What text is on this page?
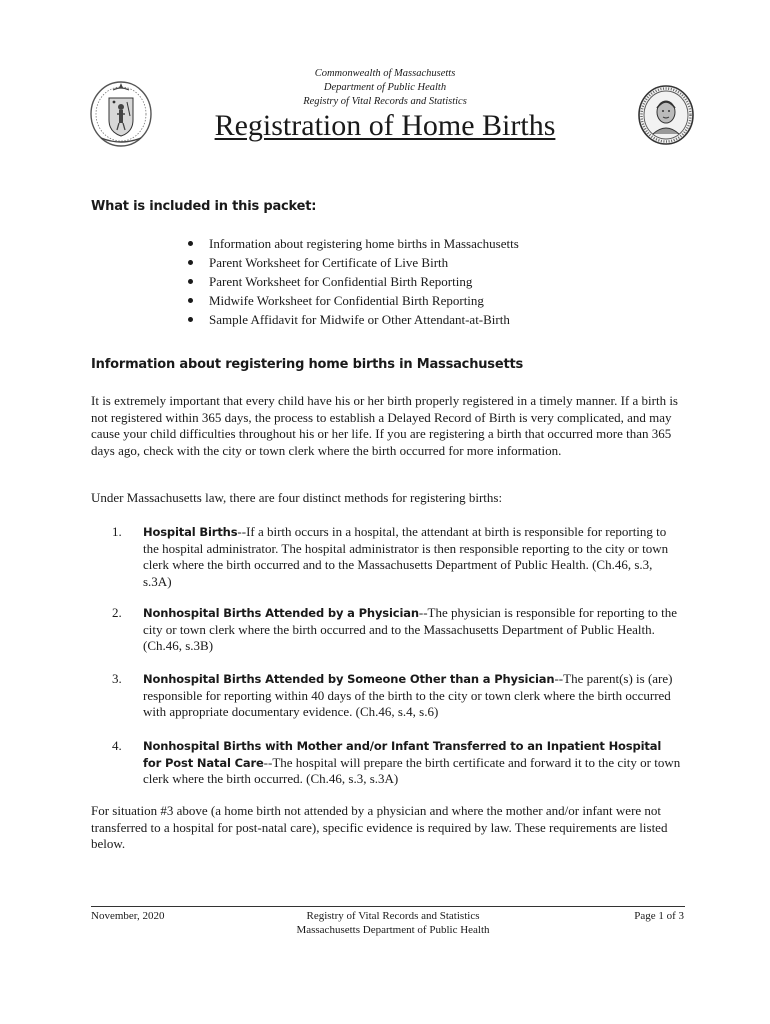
Commonwealth of Massachusetts
Department of Public Health
Registry of Vital Records and Statistics
Registration of Home Births
What is included in this packet:
Information about registering home births in Massachusetts
Parent Worksheet for Certificate of Live Birth
Parent Worksheet for Confidential Birth Reporting
Midwife Worksheet for Confidential Birth Reporting
Sample Affidavit for Midwife or Other Attendant-at-Birth
Information about registering home births in Massachusetts

It is extremely important that every child have his or her birth properly registered in a timely manner. If a birth is not registered within 365 days, the process to establish a Delayed Record of Birth is very complicated, and may cause your child difficulties throughout his or her life. If you are registering a birth that occurred more than 365 days ago, check with the city or town clerk where the birth occurred for more information.

Under Massachusetts law, there are four distinct methods for registering births:

1. Hospital Births--If a birth occurs in a hospital, the attendant at birth is responsible for reporting to the hospital administrator. The hospital administrator is then responsible reporting to the city or town clerk where the birth occurred and to the Massachusetts Department of Public Health. (Ch.46, s.3, s.3A)

2. Nonhospital Births Attended by a Physician--The physician is responsible for reporting to the city or town clerk where the birth occurred and to the Massachusetts Department of Public Health. (Ch.46, s.3B)

3. Nonhospital Births Attended by Someone Other than a Physician--The parent(s) is (are) responsible for reporting within 40 days of the birth to the city or town clerk where the birth occurred with appropriate documentary evidence. (Ch.46, s.4, s.6)

4. Nonhospital Births with Mother and/or Infant Transferred to an Inpatient Hospital for Post Natal Care--The hospital will prepare the birth certificate and forward it to the city or town clerk where the birth occurred. (Ch.46, s.3, s.3A)

For situation #3 above (a home birth not attended by a physician and where the mother and/or infant were not transferred to a hospital for post-natal care), specific evidence is required by law. These requirements are listed below.

November, 2020	Registry of Vital Records and Statistics
Massachusetts Department of Public Health

Page 1 of 3
